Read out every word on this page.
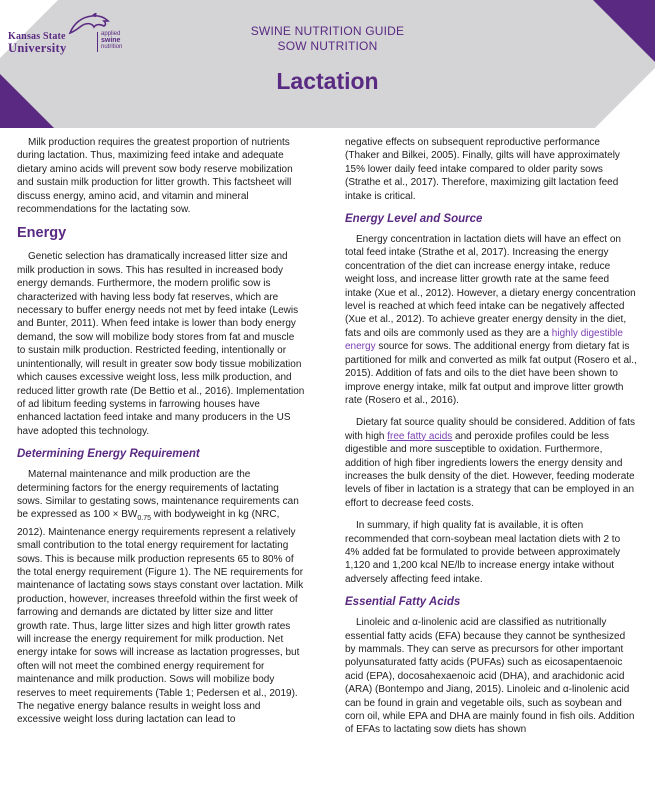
Kansas State
University
applied
swine
nutrition
SWINE NUTRITION GUIDE
SOW NUTRITION
Lactation

Milk production requires the greatest proportion of nutrients during lactation. Thus, maximizing feed intake and adequate dietary amino acids will prevent sow body reserve mobilization and sustain milk production for litter growth. This factsheet will discuss energy, amino acid, and vitamin and mineral recommendations for the lactating sow.

Energy

Genetic selection has dramatically increased litter size and milk production in sows. This has resulted in increased body energy demands. Furthermore, the modern prolific sow is characterized with having less body fat reserves, which are necessary to buffer energy needs not met by feed intake (Lewis and Bunter, 2011). When feed intake is lower than body energy demand, the sow will mobilize body stores from fat and muscle to sustain milk production. Restricted feeding, intentionally or unintentionally, will result in greater sow body tissue mobilization which causes excessive weight loss, less milk production, and reduced litter growth rate (De Bettio et al., 2016). Implementation of ad libitum feeding systems in farrowing houses have enhanced lactation feed intake and many producers in the US have adopted this technology.

Determining Energy Requirement

Maternal maintenance and milk production are the determining factors for the energy requirements of lactating sows. Similar to gestating sows, maintenance requirements can be expressed as $100 \times BW_{0.75}$ with bodyweight in kg (NRC, 2012). Maintenance energy requirements represent a relatively small contribution to the total energy requirement for lactating sows. This is because milk production represents 65 to 80% of the total energy requirement (Figure 1). The NE requirements for maintenance of lactating sows stays constant over lactation. Milk production, however, increases threefold within the first week of farrowing and demands are dictated by litter size and litter growth rate. Thus, large litter sizes and high litter growth rates will increase the energy requirement for milk production. Net energy intake for sows will increase as lactation progresses, but often will not meet the combined energy requirement for maintenance and milk production. Sows will mobilize body reserves to meet requirements (Table 1; Pedersen et al., 2019). The negative energy balance results in weight loss and excessive weight loss during lactation can lead to

negative effects on subsequent reproductive performance (Thaker and Bilkei, 2005). Finally, gilts will have approximately 15% lower daily feed intake compared to older parity sows (Strathe et al., 2017). Therefore, maximizing gilt lactation feed intake is critical.

Energy Level and Source

Energy concentration in lactation diets will have an effect on total feed intake (Strathe et al, 2017). Increasing the energy concentration of the diet can increase energy intake, reduce weight loss, and increase litter growth rate at the same feed intake (Xue et al., 2012). However, a dietary energy concentration level is reached at which feed intake can be negatively affected (Xue et al., 2012). To achieve greater energy density in the diet, fats and oils are commonly used as they are a highly digestible energy source for sows. The additional energy from dietary fat is partitioned for milk and converted as milk fat output (Rosero et al., 2015). Addition of fats and oils to the diet have been shown to improve energy intake, milk fat output and improve litter growth rate (Rosero et al., 2016).

Dietary fat source quality should be considered. Addition of fats with high free fatty acids and peroxide profiles could be less digestible and more susceptible to oxidation. Furthermore, addition of high fiber ingredients lowers the energy density and increases the bulk density of the diet. However, feeding moderate levels of fiber in lactation is a strategy that can be employed in an effort to decrease feed costs.

In summary, if high quality fat is available, it is often recommended that corn-soybean meal lactation diets with 2 to 4% added fat be formulated to provide between approximately 1,120 and 1,200 kcal NE/lb to increase energy intake without adversely affecting feed intake.

Essential Fatty Acids

Linoleic and α-linolenic acid are classified as nutritionally essential fatty acids (EFA) because they cannot be synthesized by mammals. They can serve as precursors for other important polyunsaturated fatty acids (PUFAs) such as eicosapentaenoic acid (EPA), docosahexaenoic acid (DHA), and arachidonic acid (ARA) (Bontempo and Jiang, 2015). Linoleic and α-linolenic acid can be found in grain and vegetable oils, such as soybean and corn oil, while EPA and DHA are mainly found in fish oils. Addition of EFAs to lactating sow diets has shown
